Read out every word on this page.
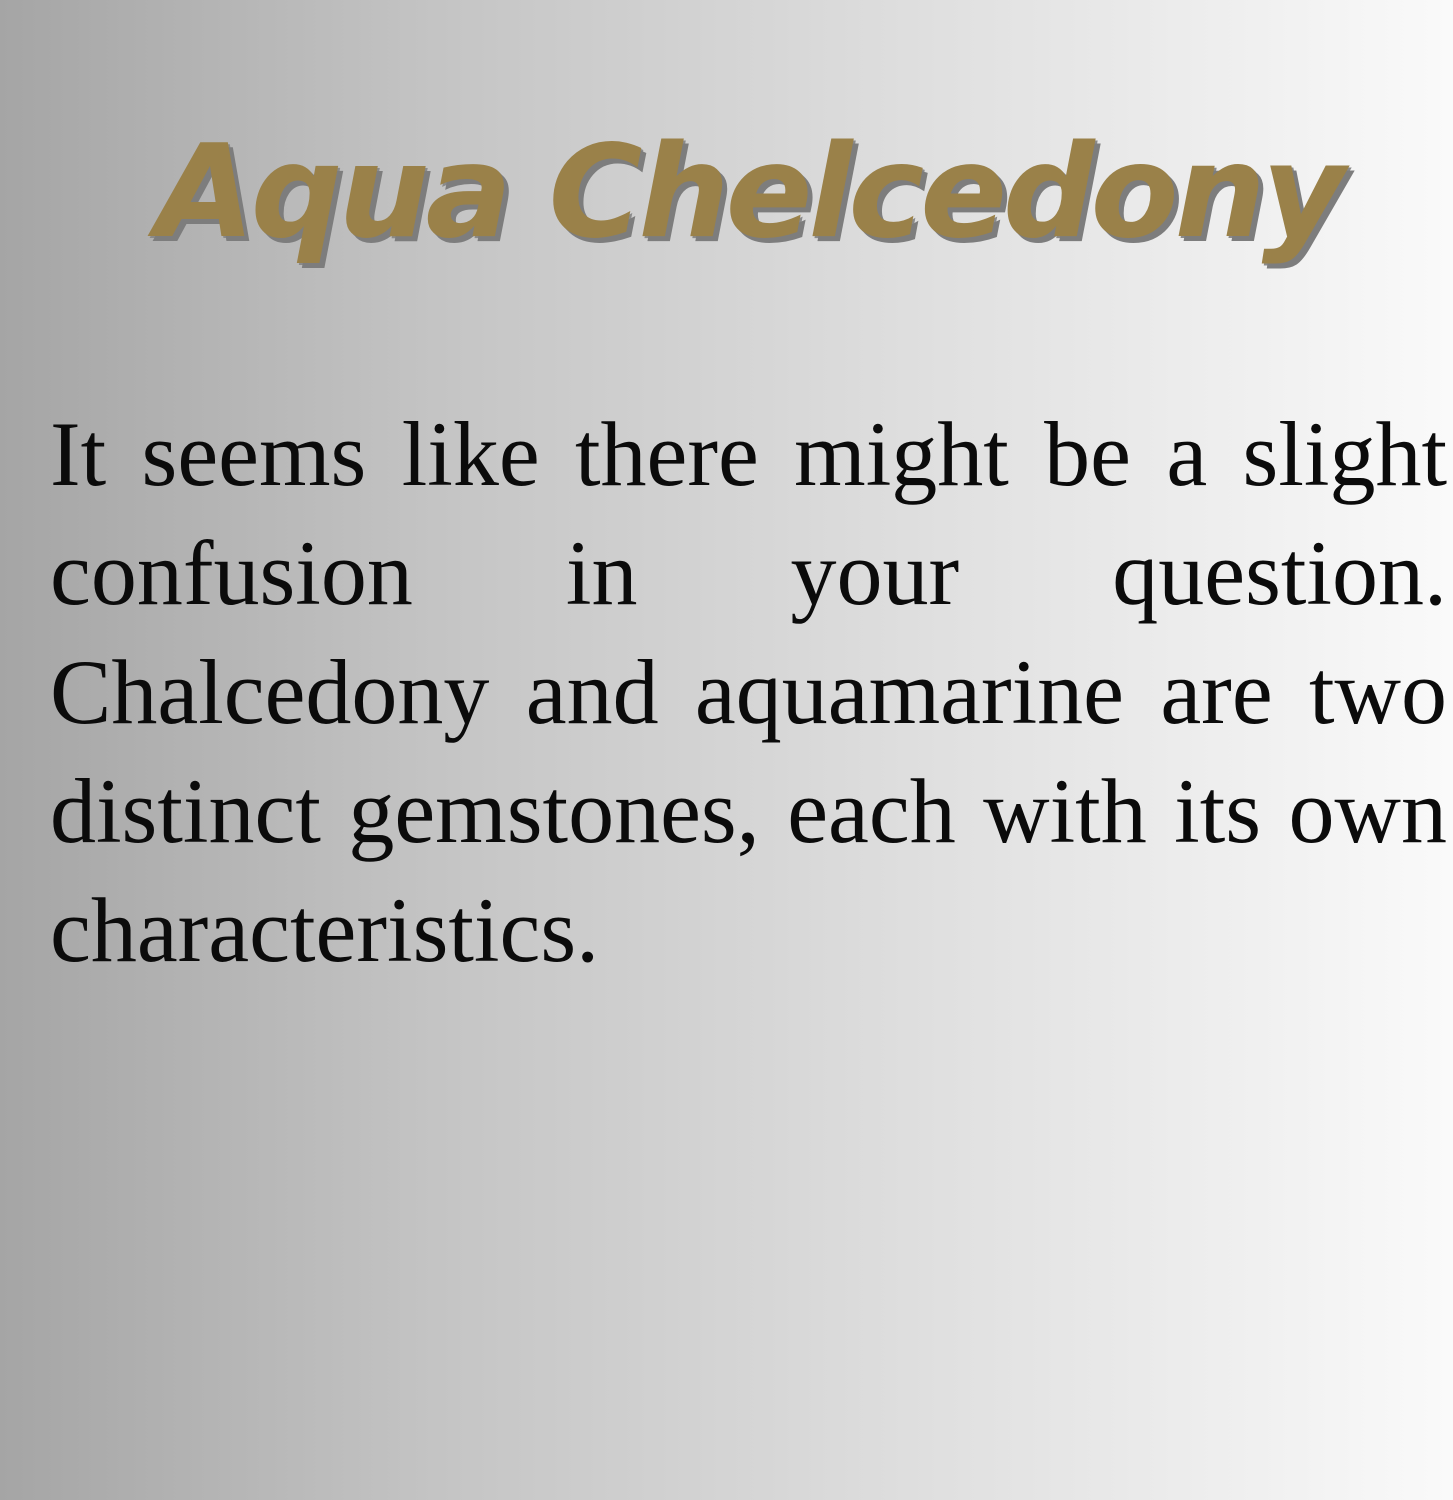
Aqua Chelcedony

It seems like there might be a slight confusion in your question. Chalcedony and aquamarine are two distinct gemstones, each with its own characteristics.
